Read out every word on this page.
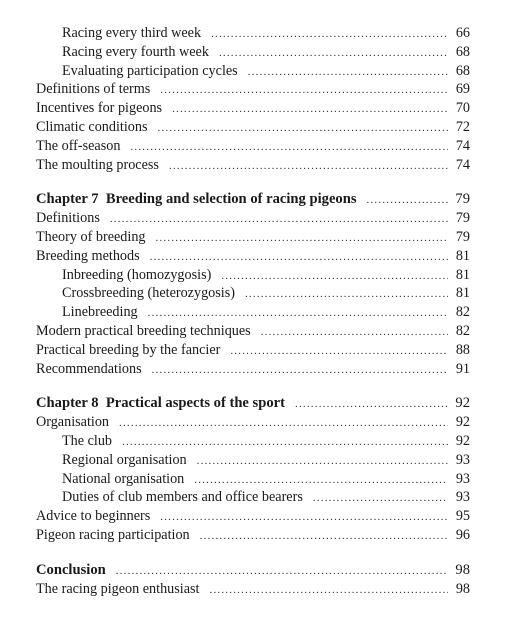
Racing every third week .....	66
Racing every fourth week .....	68
Evaluating participation cycles .....	68
Definitions of terms .....	69
Incentives for pigeons .....	70
Climatic conditions .....	72
The off-season .....	74
The moulting process .....	74
Chapter 7  Breeding and selection of racing pigeons .....	79
Definitions .....	79
Theory of breeding .....	79
Breeding methods .....	81
Inbreeding (homozygosis) .....	81
Crossbreeding (heterozygosis) .....	81
Linebreeding .....	82
Modern practical breeding techniques .....	82
Practical breeding by the fancier .....	88
Recommendations .....	91
Chapter 8  Practical aspects of the sport .....	92
Organisation .....	92
The club .....	92
Regional organisation .....	93
National organisation .....	93
Duties of club members and office bearers .....	93
Advice to beginners .....	95
Pigeon racing participation .....	96
Conclusion .....	98
The racing pigeon enthusiast .....	98
